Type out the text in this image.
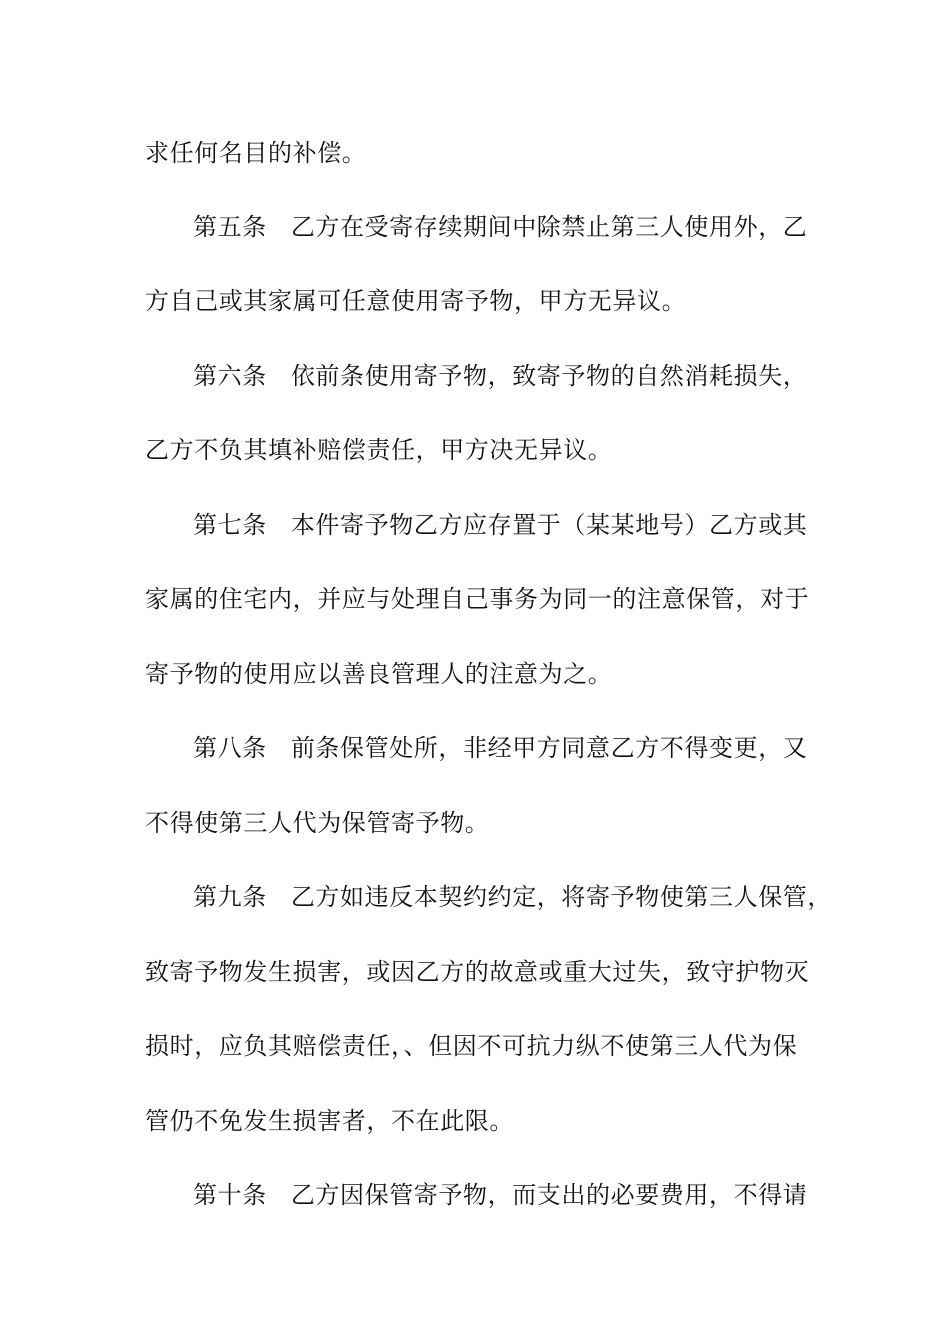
求任何名目的补偿。
第五条 乙方在受寄存续期间中除禁止第三人使用外，乙
方自己或其家属可任意使用寄予物，甲方无异议。
第六条 依前条使用寄予物，致寄予物的自然消耗损失，
乙方不负其填补赔偿责任，甲方决无异议。
第七条 本件寄予物乙方应存置于（某某地号）乙方或其
家属的住宅内，并应与处理自己事务为同一的注意保管，对于
寄予物的使用应以善良管理人的注意为之。
第八条 前条保管处所，非经甲方同意乙方不得变更，又
不得使第三人代为保管寄予物。
第九条 乙方如违反本契约约定，将寄予物使第三人保管，
致寄予物发生损害，或因乙方的故意或重大过失，致守护物灭
损时，应负其赔偿责任，、但因不可抗力纵不使第三人代为保
管仍不免发生损害者，不在此限。
第十条 乙方因保管寄予物，而支出的必要费用，不得请
